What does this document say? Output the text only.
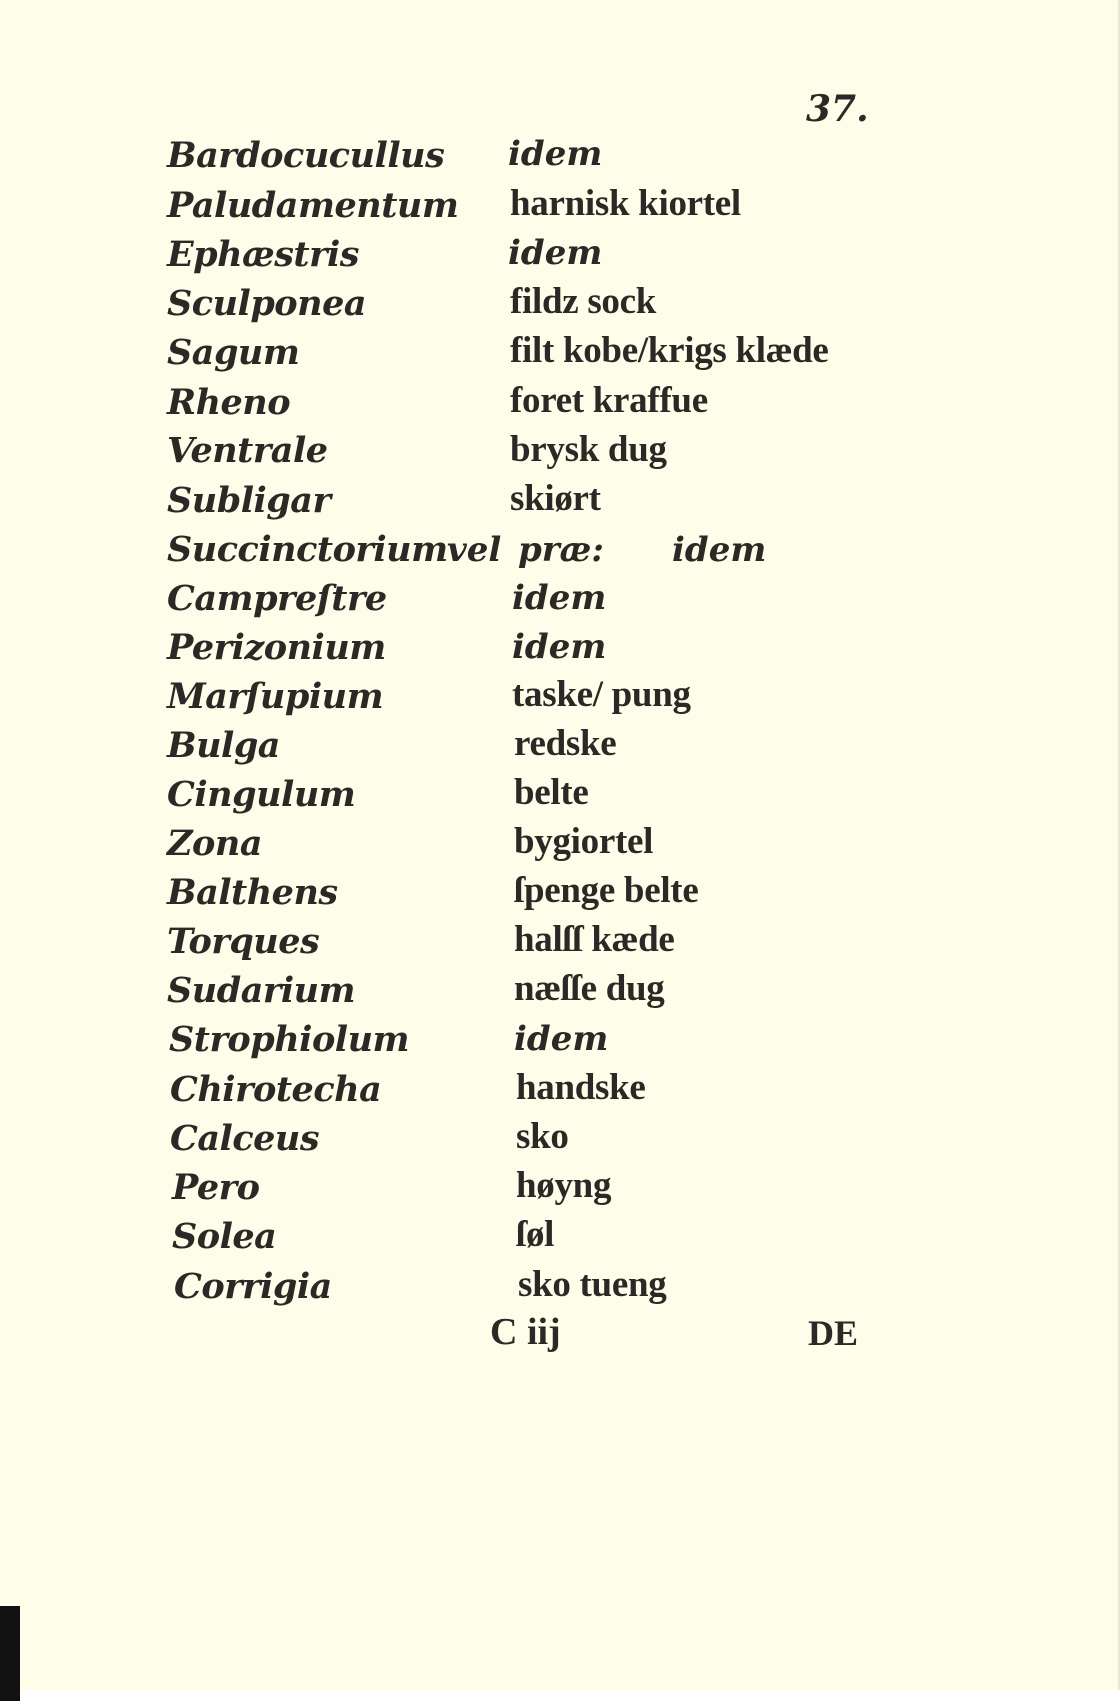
37.
Bardocucullus
Paludamentum
Ephæstris
Sculponea
Sagum
Rheno
Ventrale
Subligar
Succinctorium
Campreſtre
Perizonium
Marſupium
Bulga
Cingulum
Zona
Balthens
Torques
Sudarium
Strophiolum
Chirotecha
Calceus
Pero
Solea
Corrigia
idem
harnisk kiortel
idem
fildz sock
filt kobe/krigs klæde
foret kraffue
brysk dug
skiørt
præ:
idem
idem
taske/ pung
redske
belte
bygiortel
ſpenge belte
halſſ kæde
næſſe dug
idem
handske
sko
høyng
ſøl
sko tueng
vel	idem
C iij	DE
